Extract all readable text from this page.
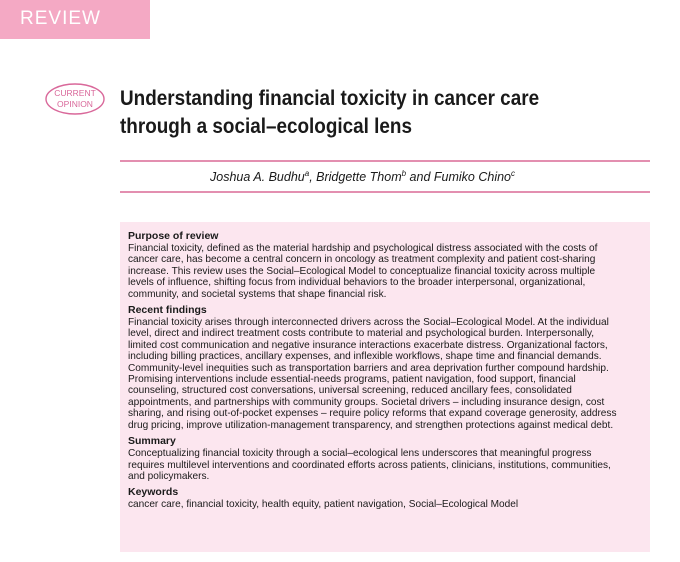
REVIEW
CURRENT
OPINION Understanding financial toxicity in cancer care
through a social–ecological lens
Joshua A. Budhu$^a$, Bridgette Thom$^b$ and Fumiko Chino$^c$
Purpose of review
Financial toxicity, defined as the material hardship and psychological distress associated with the costs of
cancer care, has become a central concern in oncology as treatment complexity and patient cost-sharing
increase. This review uses the Social–Ecological Model to conceptualize financial toxicity across multiple
levels of influence, shifting focus from individual behaviors to the broader interpersonal, organizational,
community, and societal systems that shape financial risk.
Recent findings
Financial toxicity arises through interconnected drivers across the Social–Ecological Model. At the individual
level, direct and indirect treatment costs contribute to material and psychological burden. Interpersonally,
limited cost communication and negative insurance interactions exacerbate distress. Organizational factors,
including billing practices, ancillary expenses, and inflexible workflows, shape time and financial demands.
Community-level inequities such as transportation barriers and area deprivation further compound hardship.
Promising interventions include essential-needs programs, patient navigation, food support, financial
counseling, structured cost conversations, universal screening, reduced ancillary fees, consolidated
appointments, and partnerships with community groups. Societal drivers – including insurance design, cost
sharing, and rising out-of-pocket expenses – require policy reforms that expand coverage generosity, address
drug pricing, improve utilization-management transparency, and strengthen protections against medical debt.
Summary
Conceptualizing financial toxicity through a social–ecological lens underscores that meaningful progress
requires multilevel interventions and coordinated efforts across patients, clinicians, institutions, communities,
and policymakers.
Keywords
cancer care, financial toxicity, health equity, patient navigation, Social–Ecological Model
